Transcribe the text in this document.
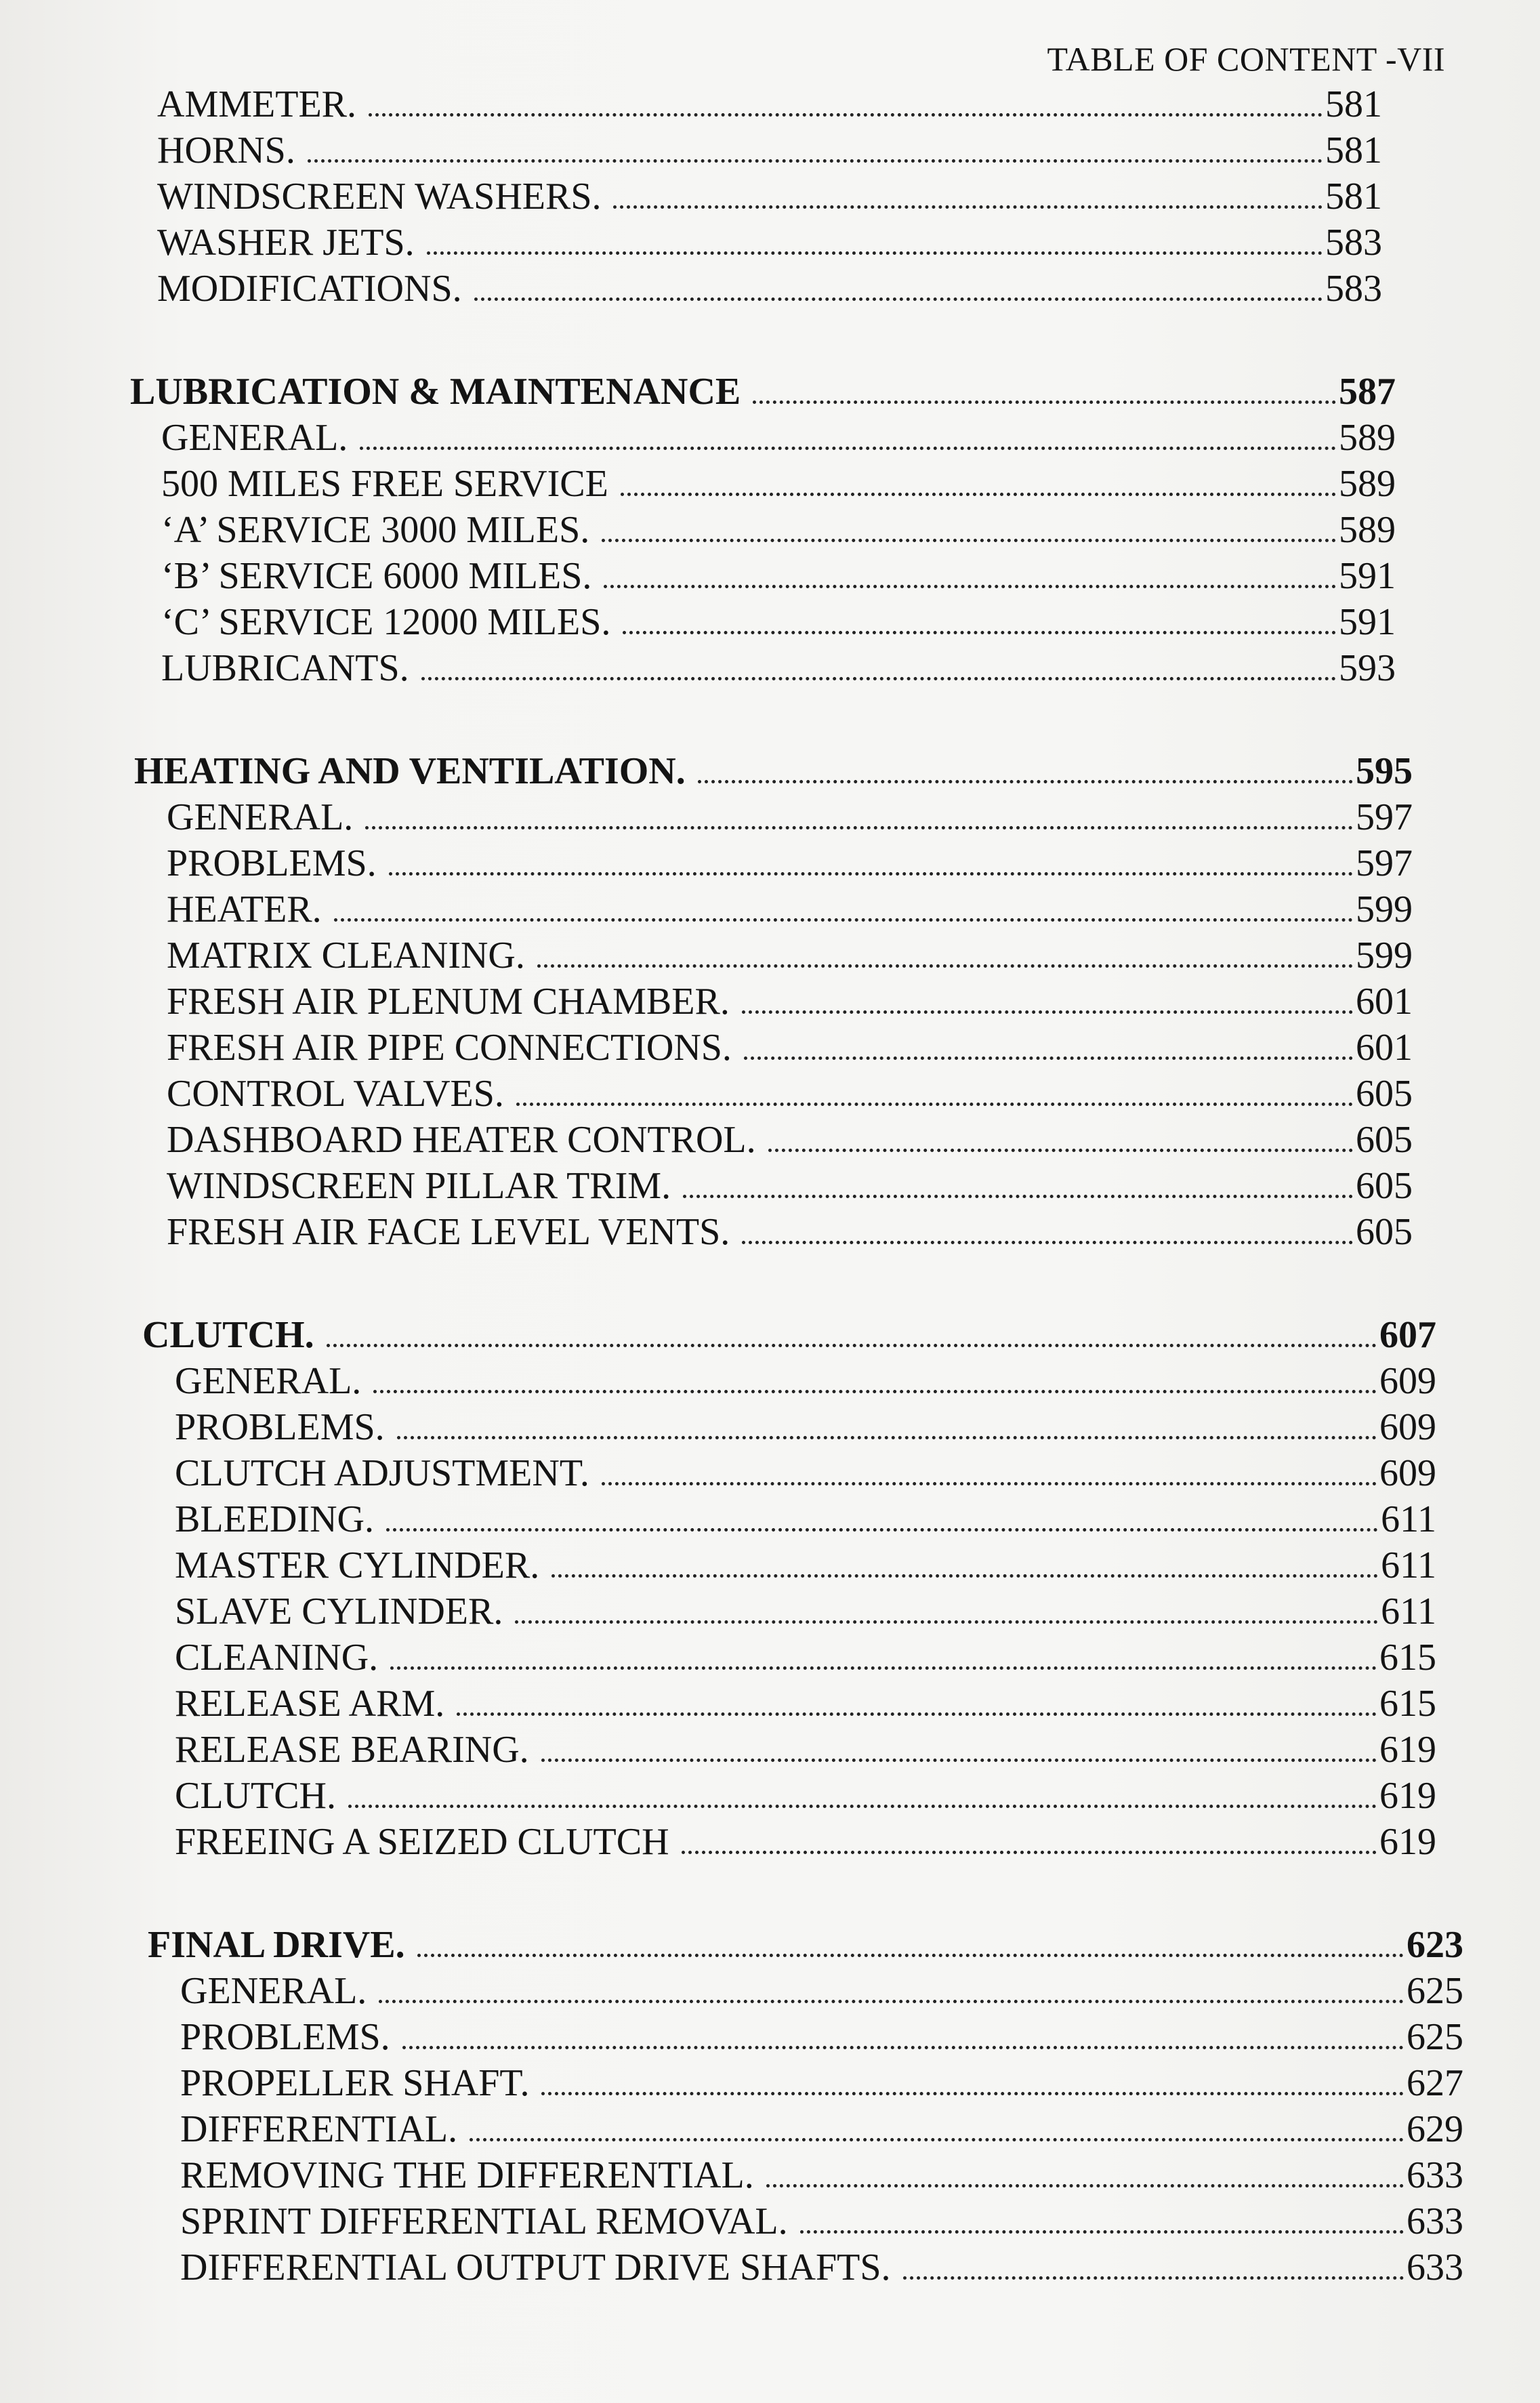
TABLE OF CONTENT -VII
AMMETER.	581
HORNS.	581
WINDSCREEN WASHERS.	581
WASHER JETS.	583
MODIFICATIONS.	583
LUBRICATION & MAINTENANCE	587
GENERAL.	589
500 MILES FREE SERVICE	589
‘A’ SERVICE 3000 MILES.	589
‘B’ SERVICE 6000 MILES.	591
‘C’ SERVICE 12000 MILES.	591
LUBRICANTS.	593
HEATING AND VENTILATION.	595
GENERAL.	597
PROBLEMS.	597
HEATER.	599
MATRIX CLEANING.	599
FRESH AIR PLENUM CHAMBER.	601
FRESH AIR PIPE CONNECTIONS.	601
CONTROL VALVES.	605
DASHBOARD HEATER CONTROL.	605
WINDSCREEN PILLAR TRIM.	605
FRESH AIR FACE LEVEL VENTS.	605
CLUTCH.	607
GENERAL.	609
PROBLEMS.	609
CLUTCH ADJUSTMENT.	609
BLEEDING.	611
MASTER CYLINDER.	611
SLAVE CYLINDER.	611
CLEANING.	615
RELEASE ARM.	615
RELEASE BEARING.	619
CLUTCH.	619
FREEING A SEIZED CLUTCH	619
FINAL DRIVE.	623
GENERAL.	625
PROBLEMS.	625
PROPELLER SHAFT.	627
DIFFERENTIAL.	629
REMOVING THE DIFFERENTIAL.	633
SPRINT DIFFERENTIAL REMOVAL.	633
DIFFERENTIAL OUTPUT DRIVE SHAFTS.	633
